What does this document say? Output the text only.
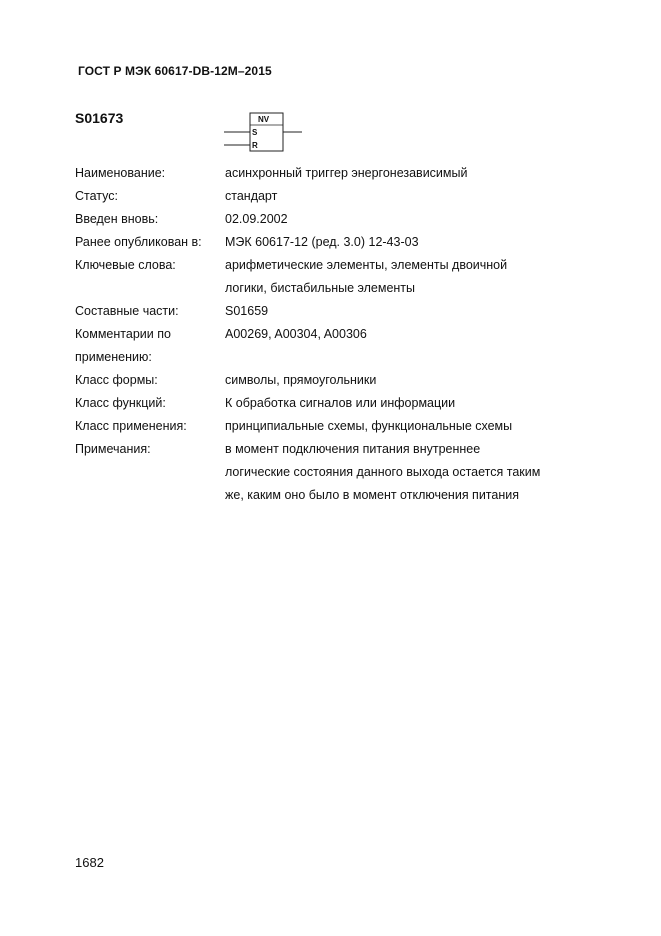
ГОСТ Р МЭК 60617-DB-12M–2015
S01673	NV
S
R
Наименование:	асинхронный триггер энергонезависимый
Статус:	стандарт
Введен вновь:	02.09.2002
Ранее опубликован в:	МЭК 60617-12 (ред. 3.0) 12-43-03
Ключевые слова:	арифметические элементы, элементы двоичной
логики, бистабильные элементы
Составные части:	S01659
Комментарии по
применению:
A00269, A00304, A00306
Класс формы:	символы, прямоугольники
Класс функций:	К обработка сигналов или информации
Класс применения:	принципиальные схемы, функциональные схемы
Примечания:	в момент подключения питания внутреннее
логические состояния данного выхода остается таким
же, каким оно было в момент отключения питания
1682
